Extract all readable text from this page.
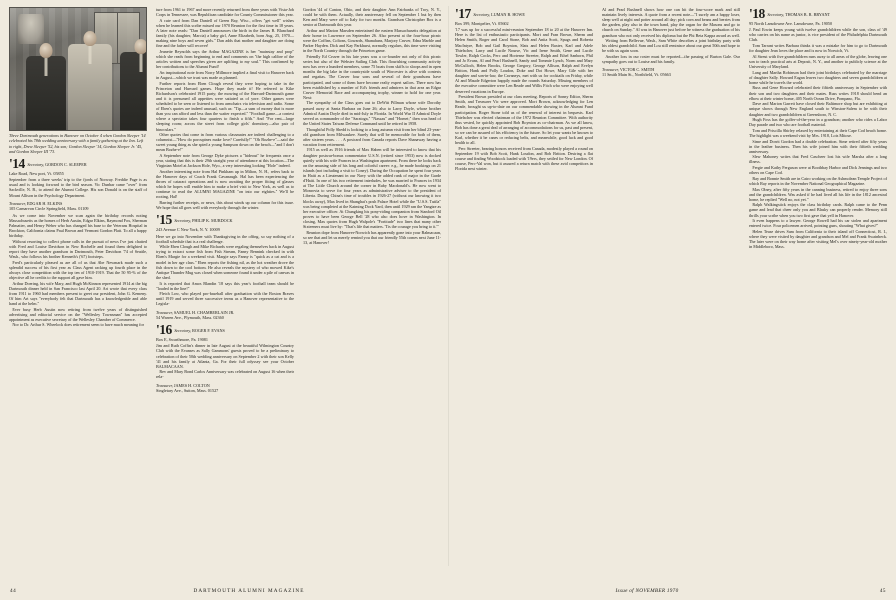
Three Dartmouth generations in Hanover on October 4 when Gordon Sleeper '14 celebrated his 78th wedding anniversary with a family gathering at the Inn. Left to right, Drew Sleeper '52, his son; Gordon Sleeper '14, Gordon Sleeper Jr. '45, and Gordon Sleeper III '73.
'14 Secretary, GORDON C. SLEEPER
Lake Road, New port, Vt. 05855

September from a three weeks' trip to the fjords of Norway. Freddie Page is as usual and is looking forward to the bird season. Vic Dunbar came "over" from Sackville, N. B., to attend the Alumni College. His son Donald is on the staff of Mount Allison in the Psychology Department.

Treasurer, EDGAR H. ELKINS
105 Carnarvon Circle Springfield, Mass. 01109

As we come into November we scan again the birthday records noting Massachusetts as the homes of Herb Austin, Edgar Elkins, Raymond Fox, Sherman Palmatier, and Henry Weber who has changed his base to the Veterans Hospital in Brockton, California claims Paul Brown and Vermont Gordon Platt. To all a happy birthday.

Without resorting to collect phone calls in the pursuit of news I've just chatted with Fred and Louise Davidson in New Rochelle and found them delighted to report they have another grandson in Dartmouth, Peter Davidson '74 of Seattle, Wash., who follows his brother Kenneth's ('67) footsteps.

Fred's particularly pleased as are all of us that Abe Newmark made such a splendid success of his first year as Class Agent racking up fourth place in the always close competition with the top ten of 1910-1919. That the 50 95-% of the objective all he credits to the support all gave him.

Arthur Doering, his wife Mary, and Hugh McKinnon represented 1914 at the big Dartmouth dinner held in San Francisco last April 20. Art wrote that every class from 1911 to 1960 had members present to greet our president, John G. Kemeny. Of him Art says "everybody felt that Dartmouth has a knowledgeable and able hand at the helm."

Ever busy Herb Austin now retiring from twelve years of distinguished advertising and editorial service on the "Wellesley Townsman" has accepted appointment as executive secretary of the Wellesley Chamber of Commerce.

Nor to Dr. Arthur S. Wheelock does retirement seem to have much meaning for

ture from 1961 to 1967 and more recently returned from three years with Vista-Job Corps in Tennessee, was Republican candidate for County Commissioner this year.

A cute card from Dan Daniell of Green Bay, Wisc., offers "get well" wishes when he learned this scribe missed our 1970 Reunion for the first time in 18 years. A later note reads: "Dan Daniell announces the birth in the James B. Blanchard family (his daughter, Marcia) a baby girl, Anne Elizabeth, born Aug. 25, 1970—making nine boys and seven girls." Dan adds that mother and daughter are doing fine and the father will recover!

Jeanette Reynolds says the Arthur MAGAZINE is her "mainstay and prop" which she reads from beginning to end and comments on "the high calibre of the articles written and speeches given are uplifting to my soul." This confirmed by her contributions to the Alumni Fund!

An inspirational note from Norry Millmore implied a final visit to Hanover back in August—which we trust was made as planned.

Further reports from Eben Clough reveal they were hoping to take in the Princeton and Harvard games. Hope they made it! He referred to Kike Richardson's celebrated 1915 party; the mowing of the Harvard-Dartmouth game and it is presumed all appetites were satiated as of yore. Other games were scheduled to be seen or listened to from armchairs via television and radio. Some of Eben's quotes are indeed unusual, such as: "Tip—a sum of money that is more than you can afford and less than the waiter expected." "Football game—a contest where a spectator takes four quarters to finish a fifth." And "For rent—large sleeping room; across the street from college girls' dormitory—also pair of binoculars."

Other quotes that come in from various classmates are indeed challenging to a columnist—"How do porcupines make love? Carefully!" "Oh Bozhe-e"—said the sweet young thing as she spied a young Sampson down on the beach—"and I don't mean Bozhe-e!"

A September note from George Dyke pictures a "hideout" he frequents once a year, stating that this is their 29th straight year of attendance at this location—The Virginian Motel at Jackson Hole, Wyo., a very interesting looking "Hole" indeed.

Another interesting note from Hal Pinkham up in Milton, N. H., refers back to the Hanover days of Coach Frank Cavanaugh. Hal has been experiencing the throes of cataract operations and is now awaiting the proper fitting of glasses which he hopes will enable him to make a brief visit to New York, as well as to continue to read the ALUMNI MAGAZINE "on into our eighties." We'll be rooting, Hal!

Barring further receipts, or news, this about winds up our column for this issue. We hope that all goes well with everybody through the winter.

'15 Secretary, PHILIP K. MURDOCK
243 Avenue C New York, N. Y. 10009

Here we go into November with Thanksgiving in the offing, so say nothing of a football schedule that is a real challenge.

While Eben Clough and Mike Richards were regaling themselves back in August trying to extract some fish from Fish Stream, Fanny Bennink checked in with Eben's Margie for a weekend visit. Margie says Fanny is "quick as a cat and is a model in her age class." Eben reports the fishing nil, as the hot weather drove the fish down to the cool bottom. He also reveals the mystery of who mowed Kike's Antique Thunder Mug was closed when someone found it under a pile of canvas in the shed.

It is reported that Amos Blandin '18 says this year's football team should be "loaded in the line!"

Fletch Low, who played pro-baseball after graduation with the Boston Braves until 1919 and served three successive terms as a Hanover representative to the Legisla-

Treasurer, SAMUEL H. CHAMBERLAIN JR.
54 Warren Ave., Plymouth, Mass. 02360
'16 Secretary, ROGER F. EVANS
Box E, Swarthmore, Pa. 19081

Jim and Ruth Coffin's dinner in late August at the beautiful Wilmington Country Club with the Evanses as Sally Gammons' guests proved to be a preliminary to celebration of their 50th wedding anniversary on September 2 with their son Kelly '41 and his family at Atlanta, Ga. For their full odyssey see your October BALMACAAN.

Rev and Mary Bond Carlos Anniversary was celebrated on August 16 when their rela-

Treasurer, JAMES H. COLTON
Singletary Ave., Sutton, Mass. 01527

Gordon '44 of Canton, Ohio, and their daughter Ann Fairbanks of Troy, N. Y., could be with them. Actually, their anniversary fell on September 1 but by then Ken and Mary were off to Italy for two months. Grandson Christopher Box is a senior at Dartmouth this year.

Arthur and Marion Marsden entertained the eastern Massachusetts delegation at their home in Lawrence on September 26. Also present at the four-hour picnic were the Coffins, Coltons, Gowards, Shanahans, Marjory Cruver, Edna Marble and Parker Hayden. Dick and Kay Parkhurst, normally regulars, this time were visiting in the North Country through the Princeton game.

Friendly Ed Cruver in his late years was a co-founder not only of this picnic series but also of the Webster Sailing Club. This flourishing community activity now has over a hundred members, some 75 boats from skiffs to sloops and in open months the big lake in the countryside south of Worcester is alive with contests and regattas. The Cruver four sons and several of their grandsons have participated, and some of them have become realty expert sailors. There now has been established by a number of Ed's friends and admirers in that area an Edgar Cruver Memorial Race and accompanying trophy, winner to hold for one year. Next:

The sympathy of the Class goes out to DeWitt Pillman whose wife Dorothy passed away at Santa Barbara on June 26; also to Larry Doyle, whose brother Admiral Austin Doyle died in mid-July in Florida. In World War II Admiral Doyle served as commander of the "Saratoga," "Nassau" and "Hornet;" then was head of the United States Taiwan Defense Command until he retired in 1958.

Thoughtful Polly Shedd is looking to a long autumn visit from her blind 23-year-old grandson from Milwaukee. Surely that will be memorable for both of them, after sixteen years. . . . A postcard from Canada reports Dave Shanaway having a vacation from retirement.

1915 as well as 1916 friends of Max Haben will be interested to know that his daughter postwar-bonus commentator U.S.N. (retired since 1953) now is docked quietly with his wife Frances in a Washington apartment. From there he looks back on the amusing side of his long and colorful career: e.g., he made bookings on 21 islands (not including a visit to Coney). During the Occupation he spent four years in Haiti as a Lieutenant in our Navy with the added rank of major in the Garde d'Haiti. In one of his two retirement interludes, he was married to Frances in 1934 at The Little Church around the corner in Ruby Macdonald's. He now went to Monrovia to serve for four years as administrative adviser to the president of Liberia. During China's time of troubles in 1926-27 (without our knowing it two blocks away), Max lived in Shanghai's posh Palace Hotel while the "U.S.S. Tutila" was being completed at the Kaiming Dock Yard, then until 1929 ran the Yangtze as her executive officer. At Chungking his pony-riding companion from Stanford Oil proves to have been George Bell '28 who also does hove in Washington. In closing, Max quotes from Hugh Walpole's "Fortitude" two lines that many other Sixteeners must live by: "That's life that matters. 'Tis the courage you bring to it.'"

Reunion dope from Hanover-Norwich has apparently gone into your Balmacaan, so see that and let us merely remind you that our friendly 55th comes next June 11-13, at Hanover!

'17 Secretary, LUMAN B. HOWE
Box 399, Montpelier, Vt. 05602

'17 was up for a successful mini-reunion September 18 to 20 at the Hanover Inn. Here is the list of enthusiastic participants. Mort and Fran Brown, Sherm and Helen Smith, Roger and Carol Stone, Bob and Anita Scott, Spugs and Roberta MacIntyre, Bob and Gail Boynton, Slats and Helen Baxter, Karl and Adele Thielscher, Larry and Lucile Nourse, Vic and Irene Smith, Gene and Lucile Towler, Ralph Cocks, Perc and Hortense Streeter, Ralph and Ethel Sanborn, Phil and Jo Evans, Al and Pearl Bushnell, Sandy and Tommie Lynch, Norm and Mary McCulloch, Helen Brooks, George Gregory, George Allison, Ralph and Evelyn Britton, Hank and Polly Loudon, Doke and Dot Howe, Mary Gile with her daughter and son-in-law, the Cavaneys, met with us for cocktails on Friday, while Al and Maude Edgerton happily made the rounds Saturday. Missing members of the executive committee were Len Reade and Willis Fitch who were enjoying well deserved vacations in Europe.

President Brown presided at our class meeting. Reports of Sonny Editor, Sherm Smith, and Treasurer Vic were approved. Mort Brown, acknowledging for Len Reade, brought us up-to-date on our commendable showing in the Alumni Fund participation. Roger Stone told us of the renewal of interest in bequests. Karl Thielscher was elected chairman of the 1972 Reunion Committee. With authority thus vested, he quickly appointed Bob Boynton as co-chairman. As we all know, Bob has done a great deal of arranging of accommodations for us, past and present, so we can be assured of his efficiency in the future. So let your wants be known to Karl, whether it be canes or reducing belts, and meanwhile, good luck and good health to all.

Perc Streeter, bearing honors received from Canada, modestly played a round on September 19 with Bob Scott, Hank Loudon, and Bob Britton. Desiring a flat course and finding Woodstock loaded with '19ers, they settled for New London. Of course, Perc-Val won, but it assured a return match with these avid competitors in Florida next winter.

Al and Pearl Bushnell shows how one can hit the four-score mark and still maintain lively interests. A quote from a recent note—"I surely am a happy loser, sleep well at night and potter around all day; pick corn and beans and berries from the garden, play also in the town band, play the organ for the Masons and go to church on Sunday." Al was in Hanover just before he witness the graduation of his grandson who not only received his diploma but the Phi Beta Kappa award as well.

Writing from Bellevue, Wash., Sam White describes a joint birthday party with his oldest grandchild. Sam and Lou still reminisce about our great 50th and hope to be with us again soon.

Another loss in our roster must be reported—the passing of Burton Gale. Our sympathy goes out to Louise and his family.

Treasurer, VICTOR C. SMITH
11 Smith Main St., Northfield, Vt. 05663
'18 Secretary, THOMAS B. R. BRYANT
95 North Lansdowne Ave. Lansdowne, Pa. 19050

J. Paul Erwin keeps young with twelve grandchildren while the son, class of '49 who carries on his name as junior, is vice president of the Philadelphia Dartmouth Club.

Tom Tarrant writes Barbara thinks it was a mistake for him to go to Dartmouth for daughter Jean loves the place and is now in Norwich, Vt.

Al Streut with five grandchildren runs away to all areas of the globe, leaving one son to teach practical arts at Deposit, N. Y., and another to publicly science at the University of Maryland.

Lang and Martha Robinson had their joint birthdays celebrated by the marriage of daughter Sally. Howard Eagan leaves two daughters and seven grandchildren at home while he travels the world.

Russ and Gene Howard celebrated their fiftieth anniversary in September with their son and two daughters and their mates. Russ writes 1918 should bend an elbow at their winter home, 405 North Ocean Drive, Pompano, Fla.

Dave and Marion Garrett have closed their Baltimore shop but are exhibiting at unique shows through New England south to Winston-Salem to be with their daughter and two grandchildren at Greensboro, N. C.

Hugh Foss has the golfer-of-the-year in a grandson; another who rides a Labor Day parade and two who are football material.

Tom and Priscilla Shirley relaxed by entertaining at their Cape Cod beach home. The highlight was a weekend visit by Mrs. 1918, Lois Mitose.

Sime and Dorrit Gordon had a double celebration. Sime retired after fifty years in the leather business. Then his wife joined him with their fiftieth wedding anniversary.

Slew Mahoney writes that Fred Cascheer lost his wife Marsha after a long illness.

Fergie and Kathy Ferguson were at Boothbay Harbor and Dick Jennings and two others on Cape Cod.

Ray and Bonnie Smith are in Cairo working on the Ashmolean Temple Project of which Ray reports in the November National Geographical Magazine.

Max Olney, after fifty years in the canning business, retired to enjoy three sons and the grandchildren. Was asked if he had lived all his life in the 1812 ancestral home, he replied "Well no, not yet."

Ralph Walkingstick enjoys the class birthday cards. Ralph came to the Penn game and lead that cheer only you and Blasky can properly render. Memory still thrills your scribe when you two first gave that yell in Hanover.

It even happens to a lawyer. George Rowell had his car stolen and apartment entered twice. Four policemen arrived, pointing guns, shouting "What gives?"

Helen Tease drives Sam from California to their island off Connecticut, R. I., where they were visited by daughter and grandson and Mel and Frank Swainbeck. The later were on their way home after visiting Mel's over ninety-year-old mother in Middleboro, Mass.

44	DARTMOUTH ALUMNI MAGAZINE	Issue of NOVEMBER 1970	45
